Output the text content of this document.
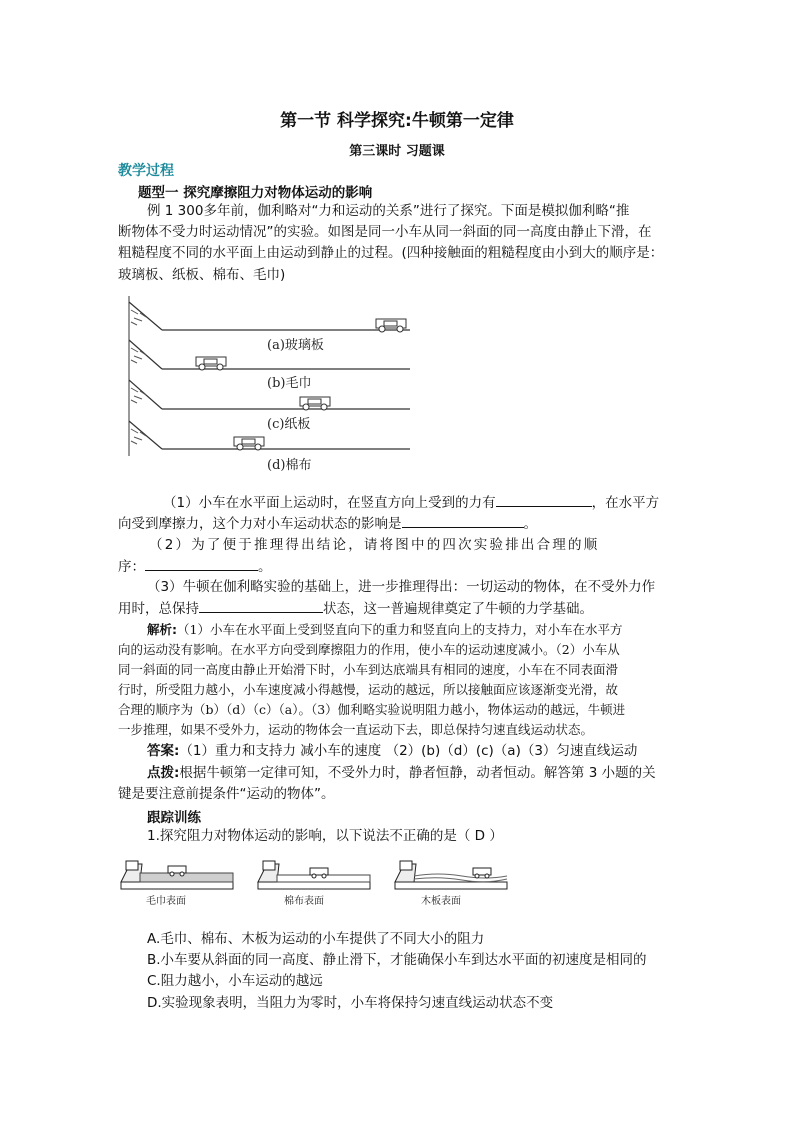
第一节 科学探究:牛顿第一定律
第三课时 习题课
教学过程
题型一 探究摩擦阻力对物体运动的影响
例 1 300多年前，伽利略对“力和运动的关系”进行了探究。下面是模拟伽利略“推
断物体不受力时运动情况”的实验。如图是同一小车从同一斜面的同一高度由静止下滑，在
粗糙程度不同的水平面上由运动到静止的过程。(四种接触面的粗糙程度由小到大的顺序是：
玻璃板、纸板、棉布、毛巾)
(a)玻璃板
(b)毛巾
(c)纸板
(d)棉布
（1）小车在水平面上运动时，在竖直方向上受到的力有	，在水平方
向受到摩擦力，这个力对小车运动状态的影响是	。
（2）为了便于推理得出结论，请将图中的四次实验排出合理的顺
序：	。
（3）牛顿在伽利略实验的基础上，进一步推理得出：一切运动的物体，在不受外力作
用时，总保持	状态，这一普遍规律奠定了牛顿的力学基础。
解析:（1）小车在水平面上受到竖直向下的重力和竖直向上的支持力，对小车在水平方
向的运动没有影响。在水平方向受到摩擦阻力的作用，使小车的运动速度减小。（2）小车从
同一斜面的同一高度由静止开始滑下时，小车到达底端具有相同的速度，小车在不同表面滑
行时，所受阻力越小，小车速度减小得越慢，运动的越远，所以接触面应该逐渐变光滑，故
合理的顺序为（b）（d）（c）（a）。（3）伽利略实验说明阻力越小，物体运动的越远，牛顿进
一步推理，如果不受外力，运动的物体会一直运动下去，即总保持匀速直线运动状态。
答案:（1）重力和支持力 减小车的速度 （2）(b)（d）(c)（a)（3）匀速直线运动
点拨:根据牛顿第一定律可知，不受外力时，静者恒静，动者恒动。解答第 3 小题的关
键是要注意前提条件“运动的物体”。
跟踪训练
1.探究阻力对物体运动的影响，以下说法不正确的是（ D ）
毛巾表面	棉布表面	木板表面
A.毛巾、棉布、木板为运动的小车提供了不同大小的阻力
B.小车要从斜面的同一高度、静止滑下，才能确保小车到达水平面的初速度是相同的
C.阻力越小，小车运动的越远
D.实验现象表明，当阻力为零时，小车将保持匀速直线运动状态不变
